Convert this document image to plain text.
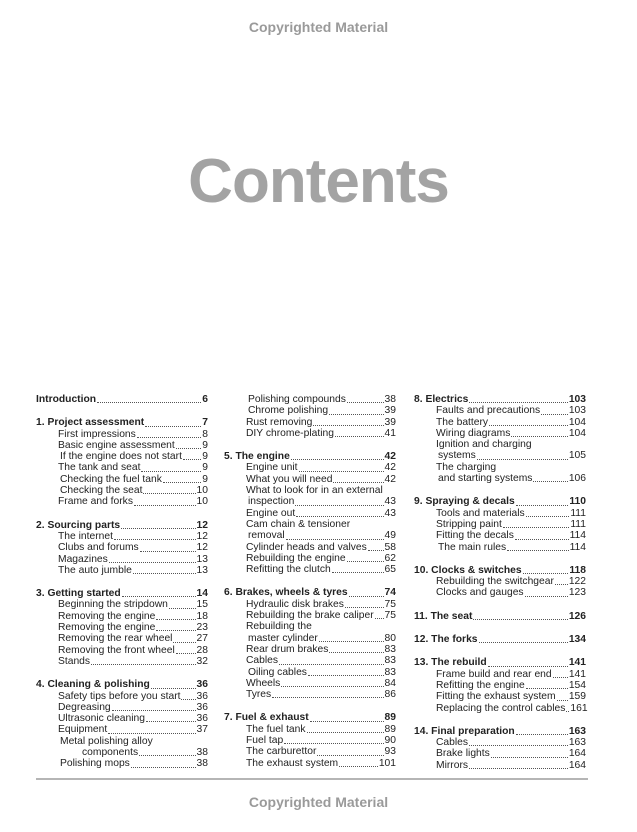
Copyrighted Material
Contents
Introduction	6
1. Project assessment	7
First impressions	8
Basic engine assessment	9
If the engine does not start 9
The tank and seat	9
Checking the fuel tank	9
Checking the seat	10
Frame and forks	10
2. Sourcing parts	12
The internet	12
Clubs and forums	12
Magazines	13
The auto jumble	13
3. Getting started	14
Beginning the stripdown	15
Removing the engine	18
Removing the engine	23
Removing the rear wheel 27
Removing the front wheel 28
Stands	32
4. Cleaning & polishing	36
Safety tips before you start 36
Degreasing	36
Ultrasonic cleaning	36
Equipment	37
Metal polishing alloy
components	38
Polishing mops	38
Polishing compounds	38
Chrome polishing	39
Rust removing	39
DIY chrome-plating	41
5. The engine	42
Engine unit	42
What you will need	42
What to look for in an external
inspection	43
Engine out	43
Cam chain & tensioner
removal	49
Cylinder heads and valves 58
Rebuilding the engine	62
Refitting the clutch	65
6. Brakes, wheels & tyres	74
Hydraulic disk brakes	75
Rebuilding the brake caliper 75
Rebuilding the
master cylinder	80
Rear drum brakes	83
Cables	83
Oiling cables	83
Wheels	84
Tyres	86
7. Fuel & exhaust	89
The fuel tank	89
Fuel tap	90
The carburettor	93
The exhaust system	101
8. Electrics	103
Faults and precautions	103
The battery	104
Wiring diagrams	104
Ignition and charging
systems	105
The charging
and starting systems	106
9. Spraying & decals	110
Tools and materials	111
Stripping paint	111
Fitting the decals	114
The main rules	114
10. Clocks & switches	118
Rebuilding the switchgear 122
Clocks and gauges	123
11. The seat	126
12. The forks	134
13. The rebuild	141
Frame build and rear end 141
Refitting the engine	154
Fitting the exhaust system 159
Replacing the control cables 161
14. Final preparation	163
Cables	163
Brake lights	164
Mirrors	164
Copyrighted Material
